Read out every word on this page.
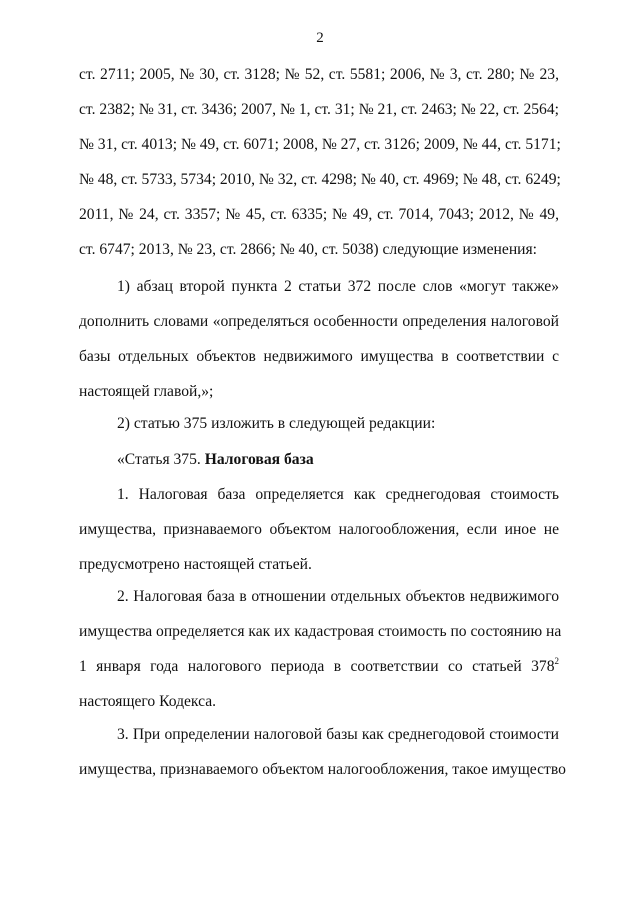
2
ст. 2711; 2005, № 30, ст. 3128; № 52, ст. 5581; 2006, № 3, ст. 280; № 23,
ст. 2382; № 31, ст. 3436; 2007, № 1, ст. 31; № 21, ст. 2463; № 22, ст. 2564;
№ 31, ст. 4013; № 49, ст. 6071; 2008, № 27, ст. 3126; 2009, № 44, ст. 5171;
№ 48, ст. 5733, 5734; 2010, № 32, ст. 4298; № 40, ст. 4969; № 48, ст. 6249;
2011, № 24, ст. 3357; № 45, ст. 6335; № 49, ст. 7014, 7043; 2012, № 49,
ст. 6747; 2013, № 23, ст. 2866; № 40, ст. 5038) следующие изменения:
1) абзац второй пункта 2 статьи 372 после слов «могут также»
дополнить словами «определяться особенности определения налоговой
базы отдельных объектов недвижимого имущества в соответствии с
настоящей главой,»;
2) статью 375 изложить в следующей редакции:
«Статья 375. Налоговая база
1. Налоговая база определяется как среднегодовая стоимость
имущества, признаваемого объектом налогообложения, если иное не
предусмотрено настоящей статьей.
2. Налоговая база в отношении отдельных объектов недвижимого
имущества определяется как их кадастровая стоимость по состоянию на
1 января года налогового периода в соответствии со статьей $378^2$
настоящего Кодекса.
3. При определении налоговой базы как среднегодовой стоимости
имущества, признаваемого объектом налогообложения, такое имущество
